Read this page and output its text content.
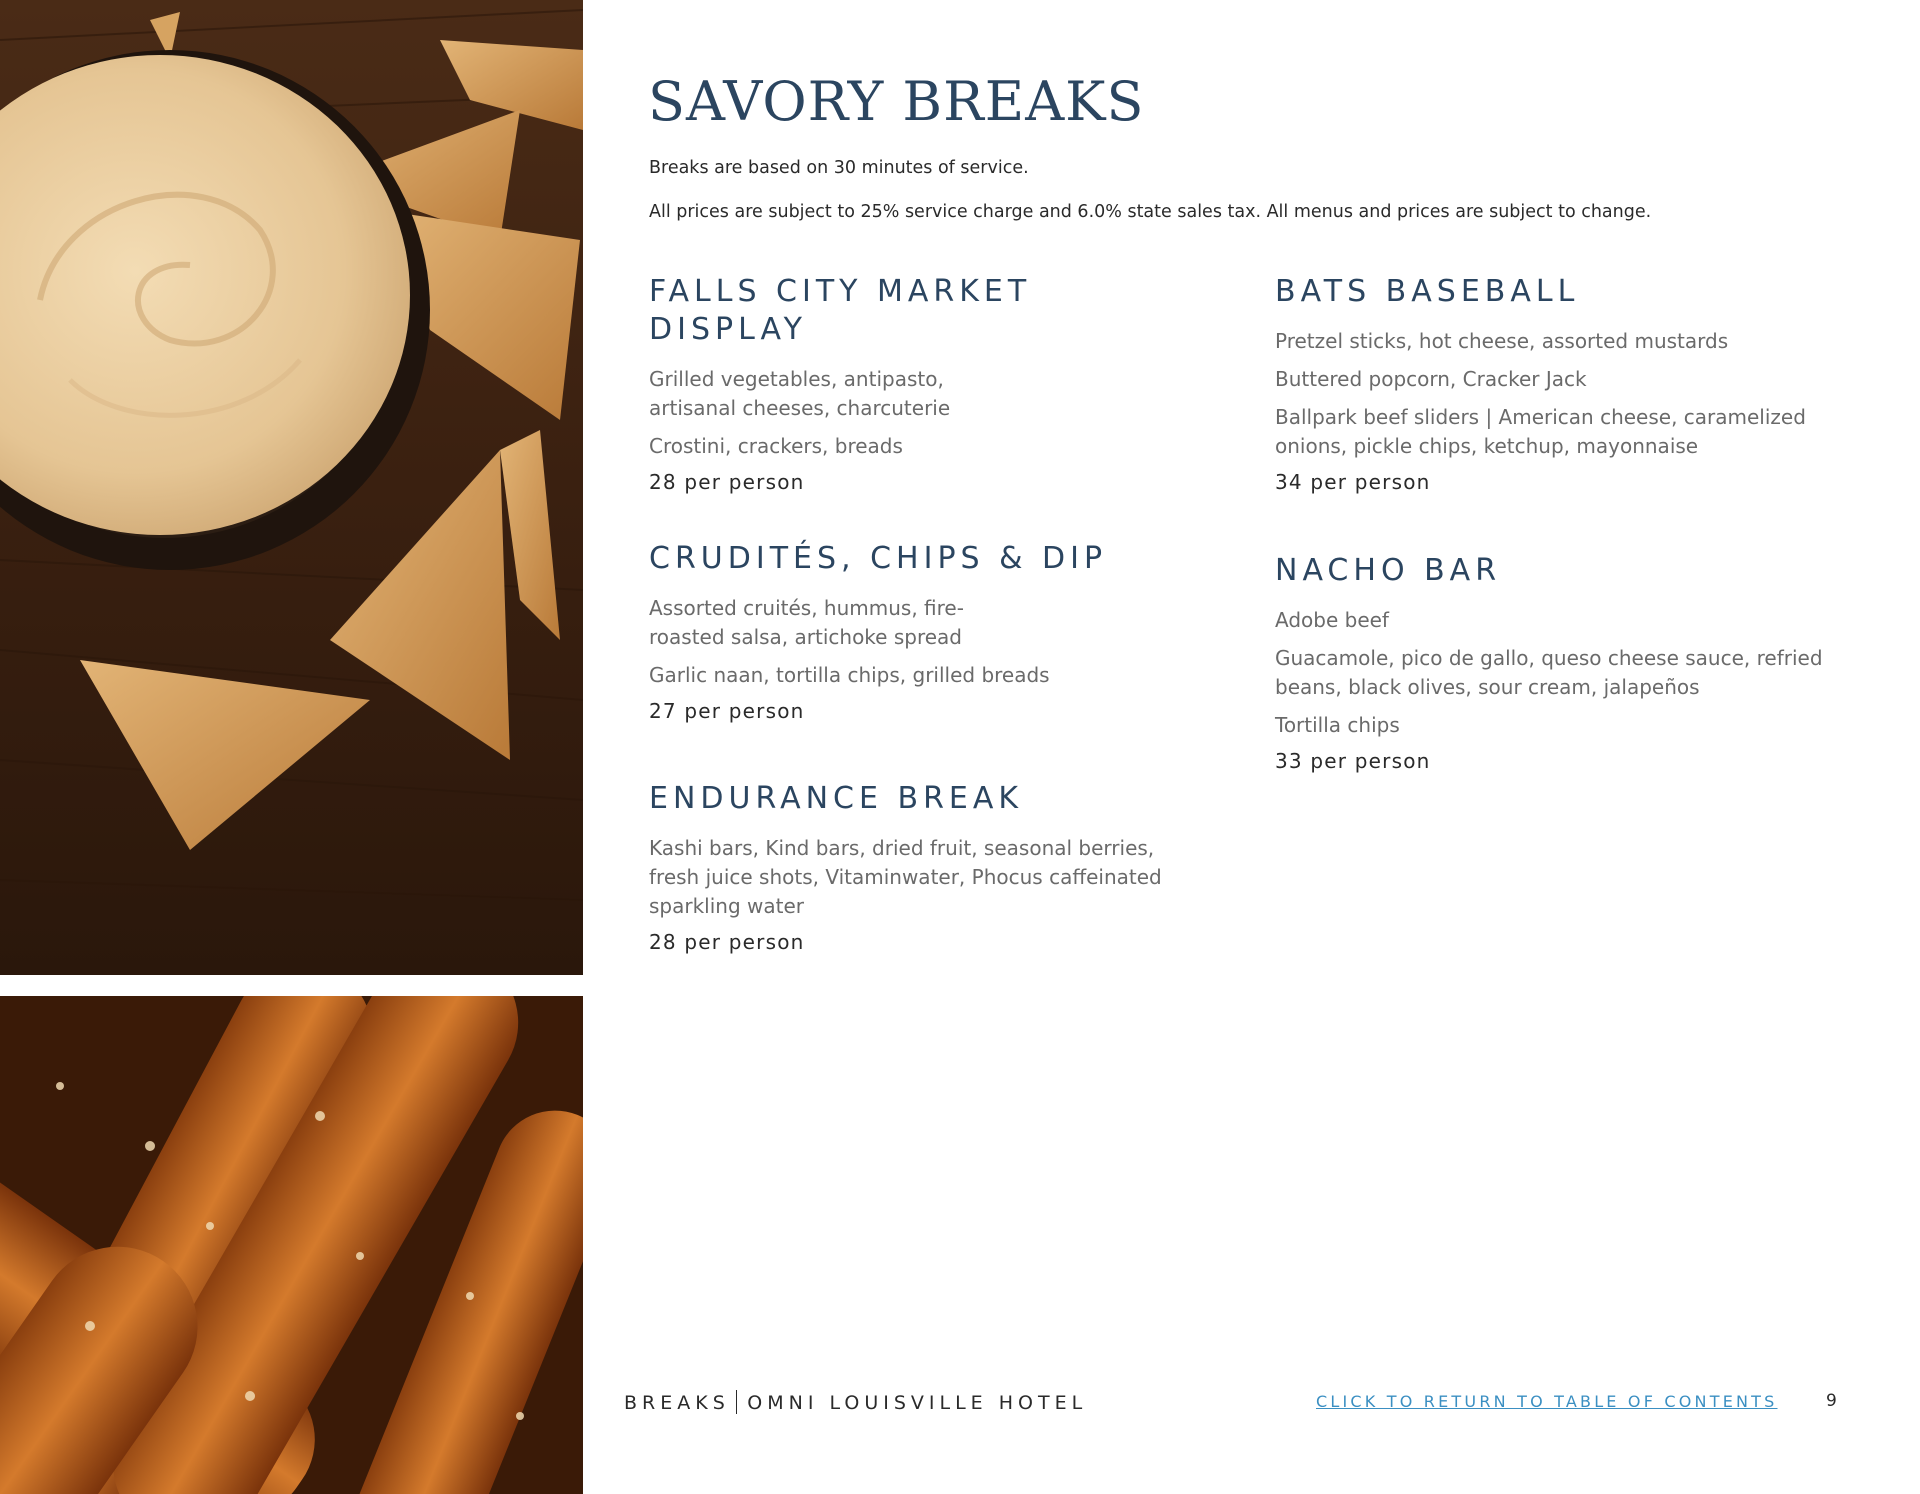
SAVORY BREAKS

Breaks are based on 30 minutes of service.

All prices are subject to 25% service charge and 6.0% state sales tax. All menus and prices are subject to change.

FALLS CITY MARKET DISPLAY

Grilled vegetables, antipasto, artisanal cheeses, charcuterie

Crostini, crackers, breads

28 per person

CRUDITÉS, CHIPS & DIP

Assorted cruités, hummus, fire-roasted salsa, artichoke spread

Garlic naan, tortilla chips, grilled breads

27 per person

ENDURANCE BREAK

Kashi bars, Kind bars, dried fruit, seasonal berries, fresh juice shots, Vitaminwater, Phocus caffeinated sparkling water

28 per person

BATS BASEBALL

Pretzel sticks, hot cheese, assorted mustards

Buttered popcorn, Cracker Jack

Ballpark beef sliders | American cheese, caramelized onions, pickle chips, ketchup, mayonnaise

34 per person

NACHO BAR

Adobe beef

Guacamole, pico de gallo, queso cheese sauce, refried beans, black olives, sour cream, jalapeños

Tortilla chips

33 per person

BREAKS OMNI LOUISVILLE HOTEL	CLICK TO RETURN TO TABLE OF CONTENTS	9
